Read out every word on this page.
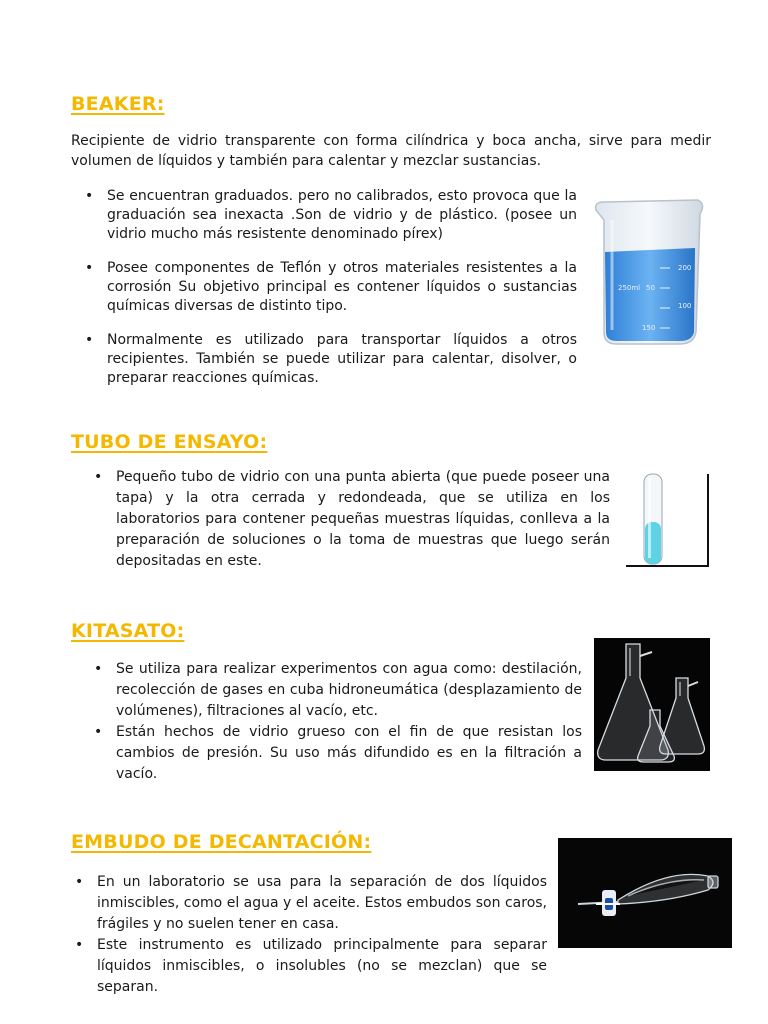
BEAKER:

Recipiente de vidrio transparente con forma cilíndrica y boca ancha, sirve para medir volumen de líquidos y también para calentar y mezclar sustancias.

• Se encuentran graduados. pero no calibrados, esto provoca que la graduación sea inexacta .Son de vidrio y de plástico. (posee un vidrio mucho más resistente denominado pírex)
• Posee componentes de Teflón y otros materiales resistentes a la corrosión Su objetivo principal es contener líquidos o sustancias químicas diversas de distinto tipo.
• Normalmente es utilizado para transportar líquidos a otros recipientes. También se puede utilizar para calentar, disolver, o preparar reacciones químicas.
250ml
200
100
50
150
TUBO DE ENSAYO:
• Pequeño tubo de vidrio con una punta abierta (que puede poseer una tapa) y la otra cerrada y redondeada, que se utiliza en los laboratorios para contener pequeñas muestras líquidas, conlleva a la preparación de soluciones o la toma de muestras que luego serán depositadas en este.
KITASATO:
• Se utiliza para realizar experimentos con agua como: destilación, recolección de gases en cuba hidroneumática (desplazamiento de volúmenes), filtraciones al vacío, etc.
• Están hechos de vidrio grueso con el fin de que resistan los cambios de presión. Su uso más difundido es en la filtración a vacío.
EMBUDO DE DECANTACIÓN:
• En un laboratorio se usa para la separación de dos líquidos inmiscibles, como el agua y el aceite. Estos embudos son caros, frágiles y no suelen tener en casa.
• Este instrumento es utilizado principalmente para separar líquidos inmiscibles, o insolubles (no se mezclan) que se separan.
